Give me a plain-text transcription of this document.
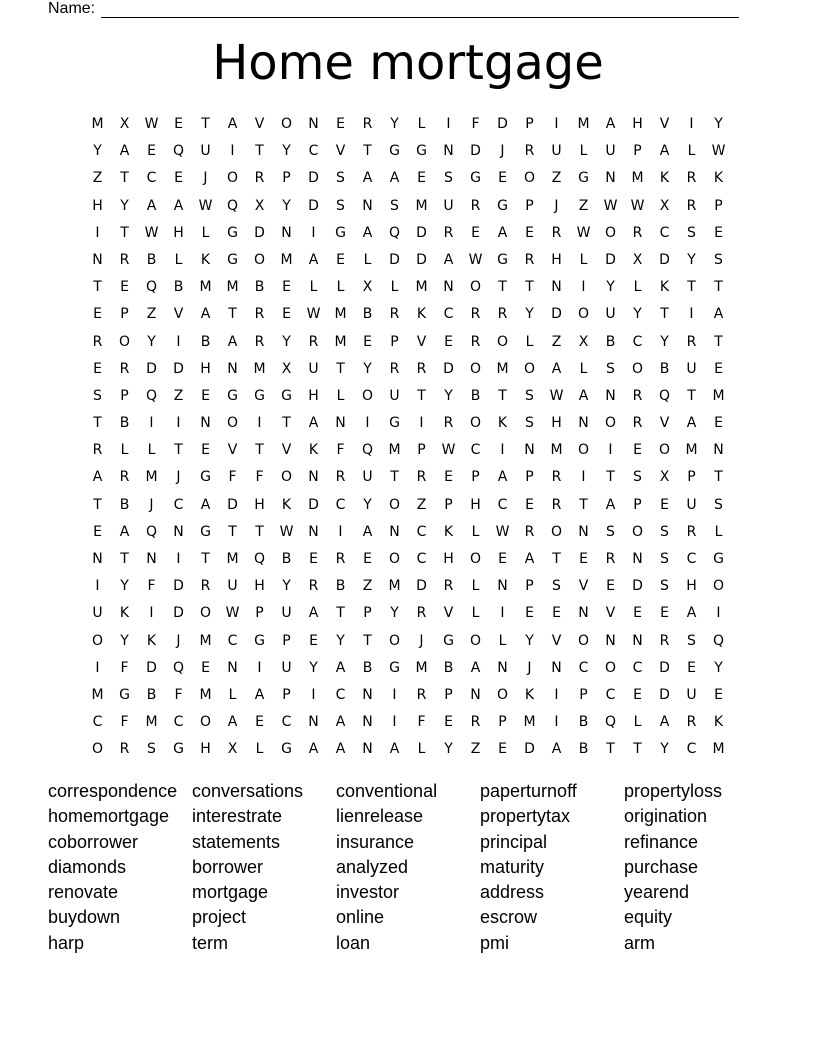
Name:
Home mortgage
M	X	W	E	T	A	V	O	N	E	R	Y	L	I	F	D	P	I	M	A	H	V	I	Y
Y	A	E	Q	U	I	T	Y	C	V	T	G	G	N	D	J	R	U	L	U	P	A	L	W
Z	T	C	E	J	O	R	P	D	S	A	A	E	S	G	E	O	Z	G	N	M	K	R	K
H	Y	A	A	W	Q	X	Y	D	S	N	S	M	U	R	G	P	J	Z	W W	X	R	P
I	T	W	H	L	G	D	N	I	G	A	Q	D	R	E	A	E	R	W	O	R	C	S	E
N	R	B	L	K	G	O	M	A	E	L	D	D	A	W	G	R	H	L	D	X	D	Y	S
T	E	Q	B	M	M	B	E	L	L	X	L	M	N	O	T	T	N	I	Y	L	K	T	T
E	P	Z	V	A	T	R	E	W	M	B	R	K	C	R	R	Y	D	O	U	Y	T	I	A
R	O	Y	I	B	A	R	Y	R	M	E	P	V	E	R	O	L	Z	X	B	C	Y	R	T
E	R	D	D	H	N	M	X	U	T	Y	R	R	D	O	M	O	A	L	S	O	B	U	E
S	P	Q	Z	E	G	G	G	H	L	O	U	T	Y	B	T	S	W	A	N	R	Q	T	M
T	B	I	I	N	O	I	T	A	N	I	G	I	R	O	K	S	H	N	O	R	V	A	E
R	L	L	T	E	V	T	V	K	F	Q	M	P	W	C	I	N	M	O	I	E	O	M	N
A	R	M	J	G	F	F	O	N	R	U	T	R	E	P	A	P	R	I	T	S	X	P	T
T	B	J	C	A	D	H	K	D	C	Y	O	Z	P	H	C	E	R	T	A	P	E	U	S
E	A	Q	N	G	T	T	W	N	I	A	N	C	K	L	W	R	O	N	S	O	S	R	L
N	T	N	I	T	M	Q	B	E	R	E	O	C	H	O	E	A	T	E	R	N	S	C	G
I	Y	F	D	R	U	H	Y	R	B	Z	M	D	R	L	N	P	S	V	E	D	S	H	O
U	K	I	D	O	W	P	U	A	T	P	Y	R	V	L	I	E	E	N	V	E	E	A	I
O	Y	K	J	M	C	G	P	E	Y	T	O	J	G	O	L	Y	V	O	N	N	R	S	Q
I	F	D	Q	E	N	I	U	Y	A	B	G	M	B	A	N	J	N	C	O	C	D	E	Y
M	G	B	F	M	L	A	P	I	C	N	I	R	P	N	O	K	I	P	C	E	D	U	E
C	F	M	C	O	A	E	C	N	A	N	I	F	E	R	P	M	I	B	Q	L	A	R	K
O	R	S	G	H	X	L	G	A	A	N	A	L	Y	Z	E	D	A	B	T	T	Y	C	M
correspondence
homemortgage
coborrower
diamonds
renovate
buydown
harp
conversations
interestrate
statements
borrower
mortgage
project
term
conventional
lienrelease
insurance
analyzed
investor
online
loan
paperturnoff
propertytax
principal
maturity
address
escrow
pmi
propertyloss
origination
refinance
purchase
yearend
equity
arm
